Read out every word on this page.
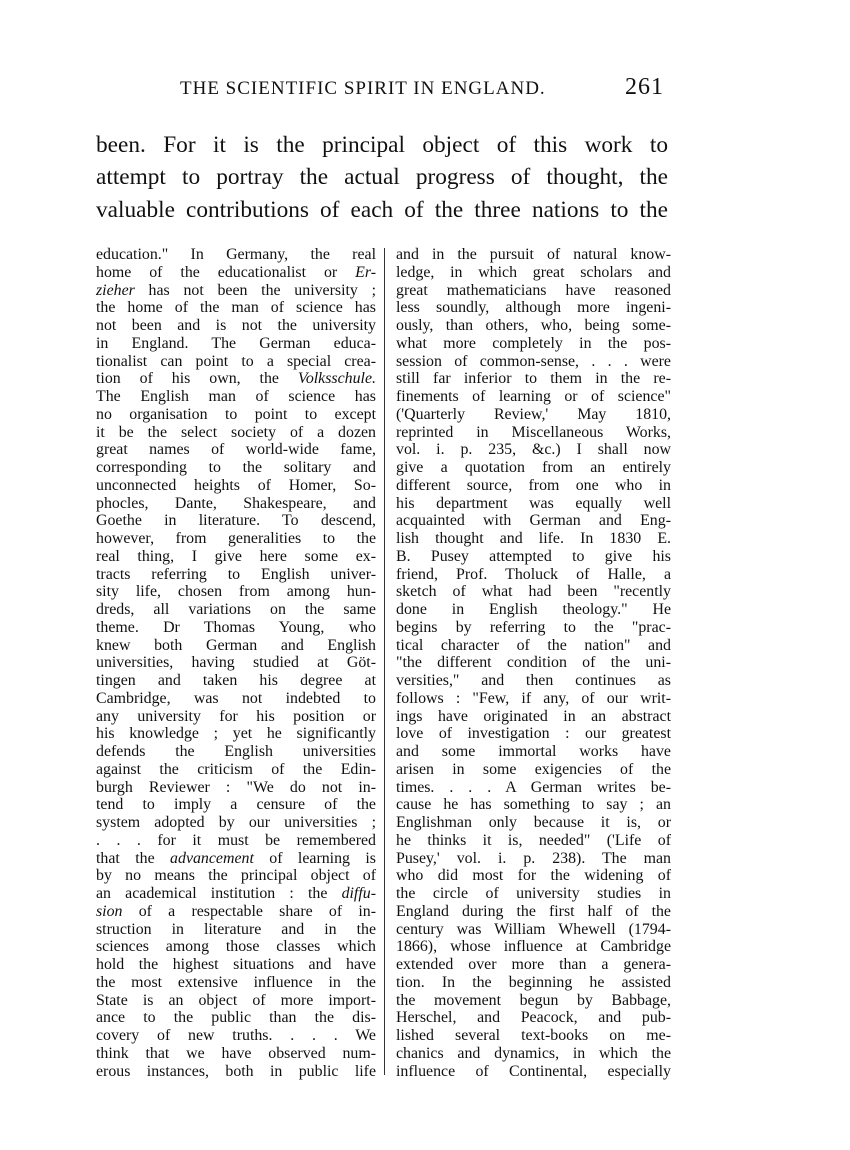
THE SCIENTIFIC SPIRIT IN ENGLAND.	261
been. For it is the principal object of this work to
attempt to portray the actual progress of thought, the
valuable contributions of each of the three nations to the
education." In Germany, the real
home of the educationalist or Er-
zieher has not been the university ;
the home of the man of science has
not been and is not the university
in England. The German educa-
tionalist can point to a special crea-
tion of his own, the Volksschule.
The English man of science has
no organisation to point to except
it be the select society of a dozen
great names of world-wide fame,
corresponding to the solitary and
unconnected heights of Homer, So-
phocles, Dante, Shakespeare, and
Goethe in literature. To descend,
however, from generalities to the
real thing, I give here some ex-
tracts referring to English univer-
sity life, chosen from among hun-
dreds, all variations on the same
theme. Dr Thomas Young, who
knew both German and English
universities, having studied at Göt-
tingen and taken his degree at
Cambridge, was not indebted to
any university for his position or
his knowledge ; yet he significantly
defends the English universities
against the criticism of the Edin-
burgh Reviewer : "We do not in-
tend to imply a censure of the
system adopted by our universities ;
. . . for it must be remembered
that the advancement of learning is
by no means the principal object of
an academical institution : the diffu-
sion of a respectable share of in-
struction in literature and in the
sciences among those classes which
hold the highest situations and have
the most extensive influence in the
State is an object of more import-
ance to the public than the dis-
covery of new truths. . . . We
think that we have observed num-
erous instances, both in public life
and in the pursuit of natural know-
ledge, in which great scholars and
great mathematicians have reasoned
less soundly, although more ingeni-
ously, than others, who, being some-
what more completely in the pos-
session of common-sense, . . . were
still far inferior to them in the re-
finements of learning or of science"
('Quarterly Review,' May 1810,
reprinted in Miscellaneous Works,
vol. i. p. 235, &c.) I shall now
give a quotation from an entirely
different source, from one who in
his department was equally well
acquainted with German and Eng-
lish thought and life. In 1830 E.
B. Pusey attempted to give his
friend, Prof. Tholuck of Halle, a
sketch of what had been "recently
done in English theology." He
begins by referring to the "prac-
tical character of the nation" and
"the different condition of the uni-
versities," and then continues as
follows : "Few, if any, of our writ-
ings have originated in an abstract
love of investigation : our greatest
and some immortal works have
arisen in some exigencies of the
times. . . . A German writes be-
cause he has something to say ; an
Englishman only because it is, or
he thinks it is, needed" ('Life of
Pusey,' vol. i. p. 238). The man
who did most for the widening of
the circle of university studies in
England during the first half of the
century was William Whewell (1794-
1866), whose influence at Cambridge
extended over more than a genera-
tion. In the beginning he assisted
the movement begun by Babbage,
Herschel, and Peacock, and pub-
lished several text-books on me-
chanics and dynamics, in which the
influence of Continental, especially
